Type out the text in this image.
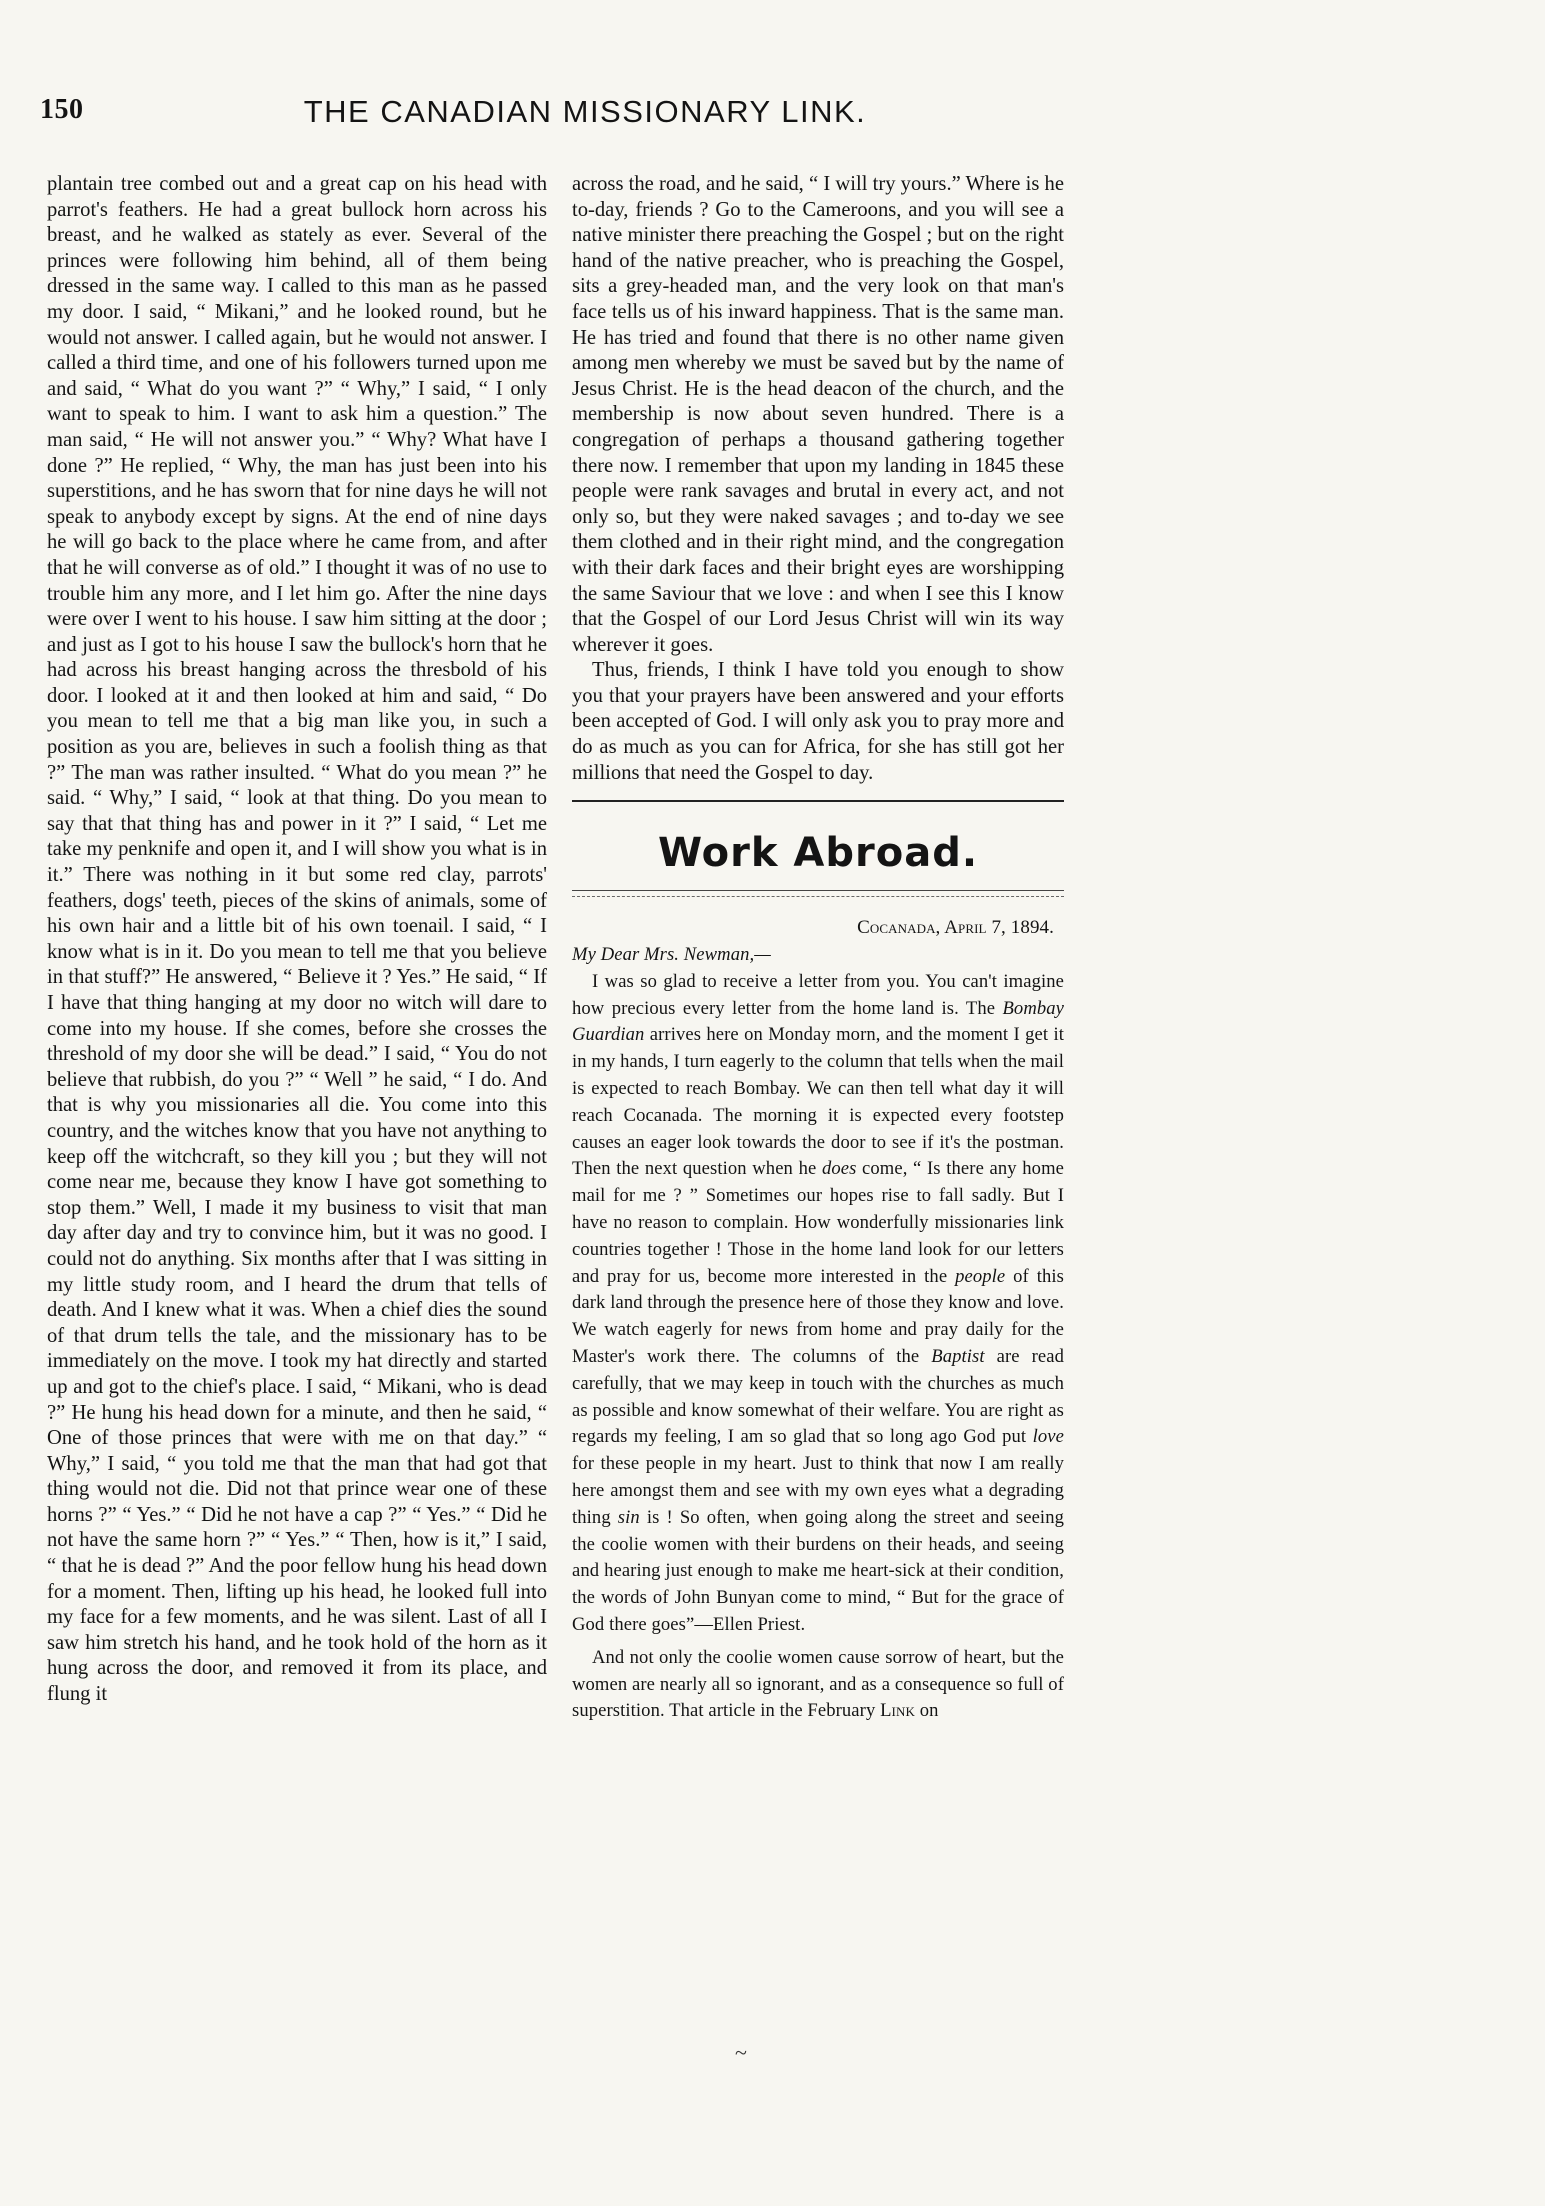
150	THE CANADIAN MISSIONARY LINK.

plantain tree combed out and a great cap on his head with parrot's feathers. He had a great bullock horn across his breast, and he walked as stately as ever. Several of the princes were following him behind, all of them being dressed in the same way. I called to this man as he passed my door. I said, “ Mikani,” and he looked round, but he would not answer. I called again, but he would not answer. I called a third time, and one of his followers turned upon me and said, “ What do you want ?” “ Why,” I said, “ I only want to speak to him. I want to ask him a question.” The man said, “ He will not answer you.” “ Why? What have I done ?” He replied, “ Why, the man has just been into his superstitions, and he has sworn that for nine days he will not speak to anybody except by signs. At the end of nine days he will go back to the place where he came from, and after that he will converse as of old.” I thought it was of no use to trouble him any more, and I let him go. After the nine days were over I went to his house. I saw him sitting at the door ; and just as I got to his house I saw the bullock's horn that he had across his breast hanging across the thresbold of his door. I looked at it and then looked at him and said, “ Do you mean to tell me that a big man like you, in such a position as you are, believes in such a foolish thing as that ?” The man was rather insulted. “ What do you mean ?” he said. “ Why,” I said, “ look at that thing. Do you mean to say that that thing has and power in it ?” I said, “ Let me take my penknife and open it, and I will show you what is in it.” There was nothing in it but some red clay, parrots' feathers, dogs' teeth, pieces of the skins of animals, some of his own hair and a little bit of his own toenail. I said, “ I know what is in it. Do you mean to tell me that you believe in that stuff?” He answered, “ Believe it ? Yes.” He said, “ If I have that thing hanging at my door no witch will dare to come into my house. If she comes, before she crosses the threshold of my door she will be dead.” I said, “ You do not believe that rubbish, do you ?” “ Well ” he said, “ I do. And that is why you missionaries all die. You come into this country, and the witches know that you have not anything to keep off the witchcraft, so they kill you ; but they will not come near me, because they know I have got something to stop them.” Well, I made it my business to visit that man day after day and try to convince him, but it was no good. I could not do anything. Six months after that I was sitting in my little study room, and I heard the drum that tells of death. And I knew what it was. When a chief dies the sound of that drum tells the tale, and the missionary has to be immediately on the move. I took my hat directly and started up and got to the chief's place. I said, “ Mikani, who is dead ?” He hung his head down for a minute, and then he said, “ One of those princes that were with me on that day.” “ Why,” I said, “ you told me that the man that had got that thing would not die. Did not that prince wear one of these horns ?” “ Yes.” “ Did he not have a cap ?” “ Yes.” “ Did he not have the same horn ?” “ Yes.” “ Then, how is it,” I said, “ that he is dead ?” And the poor fellow hung his head down for a moment. Then, lifting up his head, he looked full into my face for a few moments, and he was silent. Last of all I saw him stretch his hand, and he took hold of the horn as it hung across the door, and removed it from its place, and flung it

across the road, and he said, “ I will try yours.” Where is he to-day, friends ? Go to the Cameroons, and you will see a native minister there preaching the Gospel ; but on the right hand of the native preacher, who is preaching the Gospel, sits a grey-headed man, and the very look on that man's face tells us of his inward happiness. That is the same man. He has tried and found that there is no other name given among men whereby we must be saved but by the name of Jesus Christ. He is the head deacon of the church, and the membership is now about seven hundred. There is a congregation of perhaps a thousand gathering together there now. I remember that upon my landing in 1845 these people were rank savages and brutal in every act, and not only so, but they were naked savages ; and to-day we see them clothed and in their right mind, and the congregation with their dark faces and their bright eyes are worshipping the same Saviour that we love : and when I see this I know that the Gospel of our Lord Jesus Christ will win its way wherever it goes.

Thus, friends, I think I have told you enough to show you that your prayers have been answered and your efforts been accepted of God. I will only ask you to pray more and do as much as you can for Africa, for she has still got her millions that need the Gospel to day.

Work Abroad.

Cocanada, April 7, 1894.

My Dear Mrs. Newman,—

I was so glad to receive a letter from you. You can't imagine how precious every letter from the home land is. The Bombay Guardian arrives here on Monday morn, and the moment I get it in my hands, I turn eagerly to the column that tells when the mail is expected to reach Bombay. We can then tell what day it will reach Cocanada. The morning it is expected every footstep causes an eager look towards the door to see if it's the postman. Then the next question when he does come, “ Is there any home mail for me ? ” Sometimes our hopes rise to fall sadly. But I have no reason to complain. How wonderfully missionaries link countries together ! Those in the home land look for our letters and pray for us, become more interested in the people of this dark land through the presence here of those they know and love. We watch eagerly for news from home and pray daily for the Master's work there. The columns of the Baptist are read carefully, that we may keep in touch with the churches as much as possible and know somewhat of their welfare. You are right as regards my feeling, I am so glad that so long ago God put love for these people in my heart. Just to think that now I am really here amongst them and see with my own eyes what a degrading thing sin is ! So often, when going along the street and seeing the coolie women with their burdens on their heads, and seeing and hearing just enough to make me heart-sick at their condition, the words of John Bunyan come to mind, “ But for the grace of God there goes”—Ellen Priest.

And not only the coolie women cause sorrow of heart, but the women are nearly all so ignorant, and as a consequence so full of superstition. That article in the February Link on

~
